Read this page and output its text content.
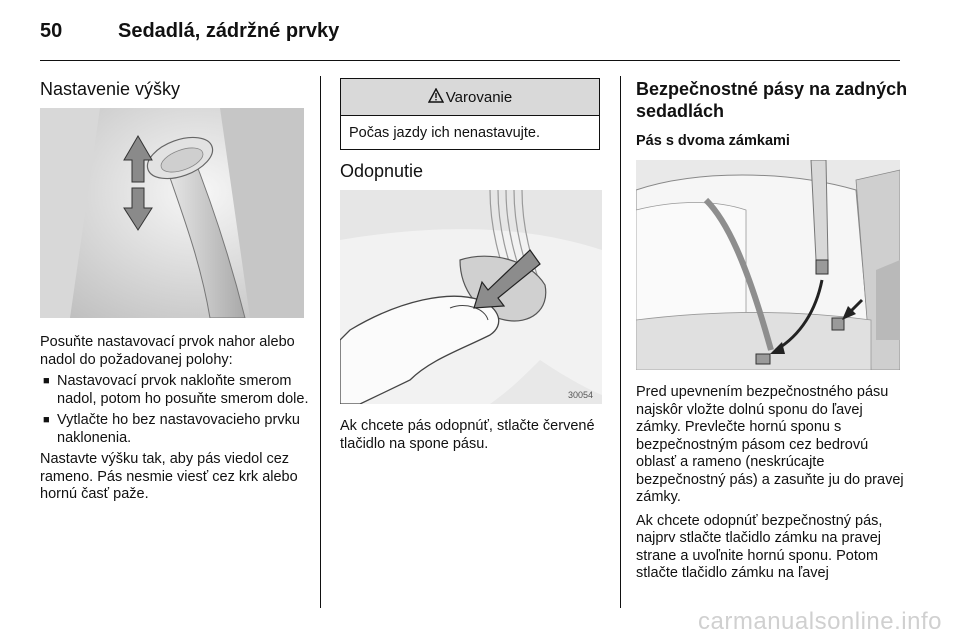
50	Sedadlá, zádržné prvky
Nastavenie výšky

Posuňte nastavovací prvok nahor alebo nadol do požadovanej polohy:

■ Nastavovací prvok nakloňte smerom nadol, potom ho posuňte smerom dole.
■ Vytlačte ho bez nastavovacieho prvku naklonenia.

Nastavte výšku tak, aby pás viedol cez rameno. Pás nesmie viesť cez krk alebo hornú časť paže.

Varovanie
Počas jazdy ich nenastavujte.
Odopnutie
30054

Ak chcete pás odopnúť, stlačte červené tlačidlo na spone pásu.

Bezpečnostné pásy na zadných sedadlách
Pás s dvoma zámkami

Pred upevnením bezpečnostného pásu najskôr vložte dolnú sponu do ľavej zámky. Prevlečte hornú sponu s bezpečnostným pásom cez bedrovú oblasť a rameno (neskrúcajte bezpečnostný pás) a zasuňte ju do pravej zámky.

Ak chcete odopnúť bezpečnostný pás, najprv stlačte tlačidlo zámku na pravej strane a uvoľnite hornú sponu. Potom stlačte tlačidlo zámku na ľavej

carmanualsonline.info
